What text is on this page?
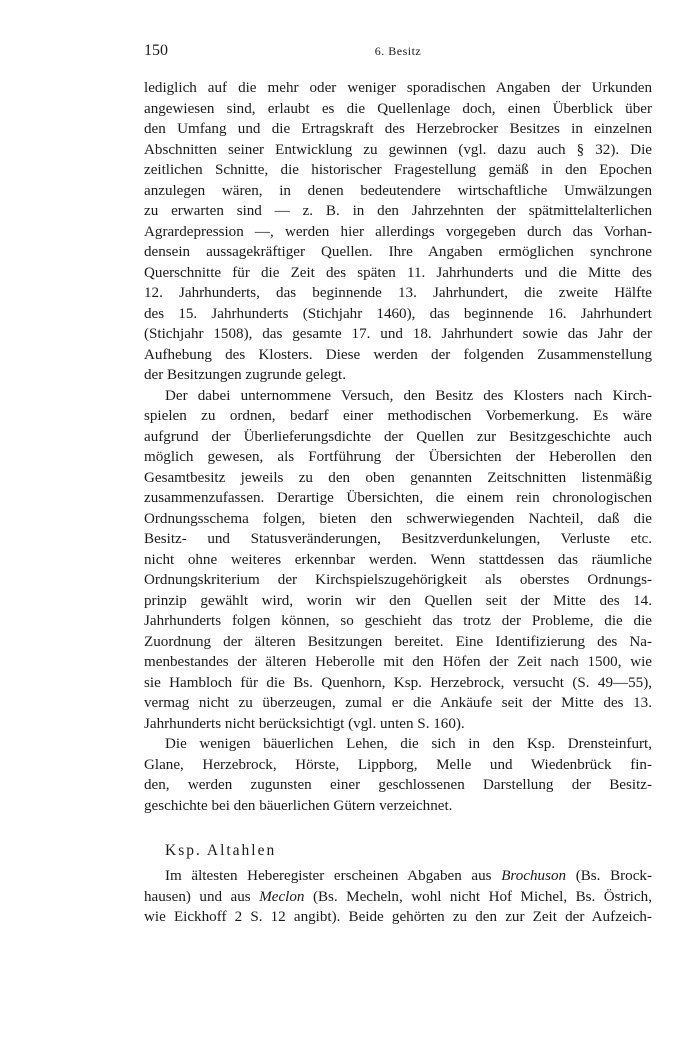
150	6. Besitz
lediglich auf die mehr oder weniger sporadischen Angaben der Urkunden
angewiesen sind, erlaubt es die Quellenlage doch, einen Überblick über
den Umfang und die Ertragskraft des Herzebrocker Besitzes in einzelnen
Abschnitten seiner Entwicklung zu gewinnen (vgl. dazu auch § 32). Die
zeitlichen Schnitte, die historischer Fragestellung gemäß in den Epochen
anzulegen wären, in denen bedeutendere wirtschaftliche Umwälzungen
zu erwarten sind — z. B. in den Jahrzehnten der spätmittelalterlichen
Agrardepression —, werden hier allerdings vorgegeben durch das Vorhan-
densein aussagekräftiger Quellen. Ihre Angaben ermöglichen synchrone
Querschnitte für die Zeit des späten 11. Jahrhunderts und die Mitte des
12. Jahrhunderts, das beginnende 13. Jahrhundert, die zweite Hälfte
des 15. Jahrhunderts (Stichjahr 1460), das beginnende 16. Jahrhundert
(Stichjahr 1508), das gesamte 17. und 18. Jahrhundert sowie das Jahr der
Aufhebung des Klosters. Diese werden der folgenden Zusammenstellung
der Besitzungen zugrunde gelegt.
Der dabei unternommene Versuch, den Besitz des Klosters nach Kirch-
spielen zu ordnen, bedarf einer methodischen Vorbemerkung. Es wäre
aufgrund der Überlieferungsdichte der Quellen zur Besitzgeschichte auch
möglich gewesen, als Fortführung der Übersichten der Heberollen den
Gesamtbesitz jeweils zu den oben genannten Zeitschnitten listenmäßig
zusammenzufassen. Derartige Übersichten, die einem rein chronologischen
Ordnungsschema folgen, bieten den schwerwiegenden Nachteil, daß die
Besitz- und Statusveränderungen, Besitzverdunkelungen, Verluste etc.
nicht ohne weiteres erkennbar werden. Wenn stattdessen das räumliche
Ordnungskriterium der Kirchspielszugehörigkeit als oberstes Ordnungs-
prinzip gewählt wird, worin wir den Quellen seit der Mitte des 14.
Jahrhunderts folgen können, so geschieht das trotz der Probleme, die die
Zuordnung der älteren Besitzungen bereitet. Eine Identifizierung des Na-
menbestandes der älteren Heberolle mit den Höfen der Zeit nach 1500, wie
sie Hambloch für die Bs. Quenhorn, Ksp. Herzebrock, versucht (S. 49—55),
vermag nicht zu überzeugen, zumal er die Ankäufe seit der Mitte des 13.
Jahrhunderts nicht berücksichtigt (vgl. unten S. 160).
Die wenigen bäuerlichen Lehen, die sich in den Ksp. Drensteinfurt,
Glane, Herzebrock, Hörste, Lippborg, Melle und Wiedenbrück fin-
den, werden zugunsten einer geschlossenen Darstellung der Besitz-
geschichte bei den bäuerlichen Gütern verzeichnet.
Ksp. Altahlen
Im ältesten Heberegister erscheinen Abgaben aus Brochuson (Bs. Brock-
hausen) und aus Meclon (Bs. Mecheln, wohl nicht Hof Michel, Bs. Östrich,
wie Eickhoff 2 S. 12 angibt). Beide gehörten zu den zur Zeit der Aufzeich-
